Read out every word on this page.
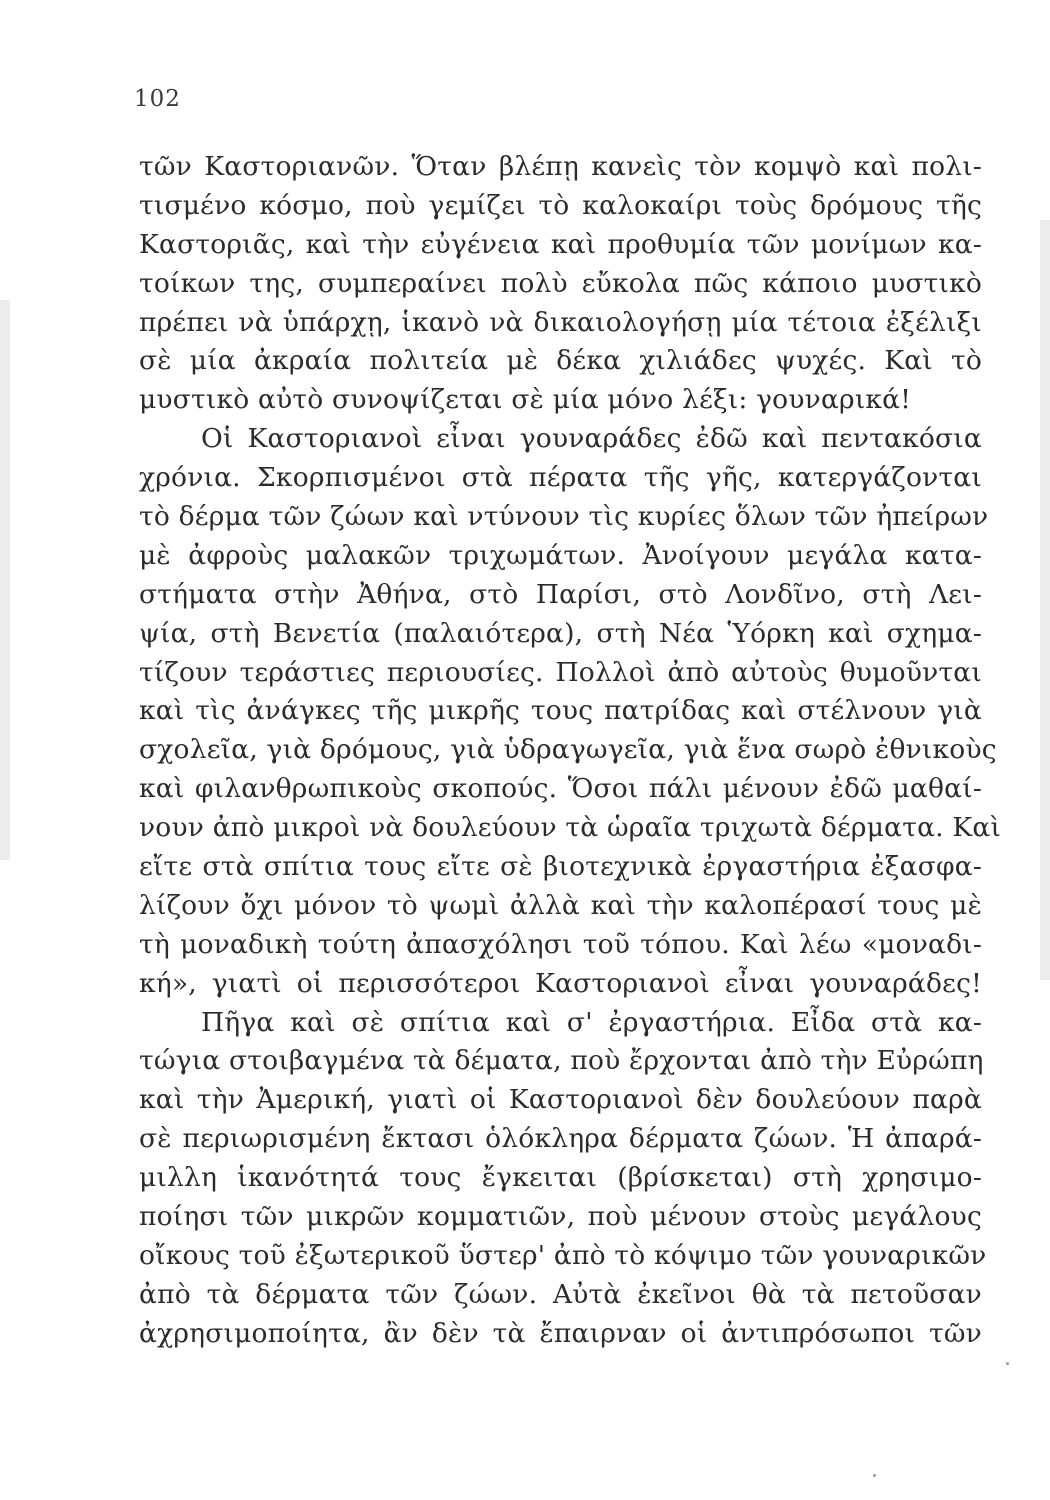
102
τῶν Καστοριανῶν. Ὅταν βλέπῃ κανεὶς τὸν κομψὸ καὶ πολι-
τισμένο κόσμο, ποὺ γεμίζει τὸ καλοκαίρι τοὺς δρόμους τῆς
Καστοριᾶς, καὶ τὴν εὐγένεια καὶ προθυμία τῶν μονίμων κα-
τοίκων της, συμπεραίνει πολὺ εὔκολα πῶς κάποιο μυστικὸ
πρέπει νὰ ὑπάρχῃ, ἱκανὸ νὰ δικαιολογήσῃ μία τέτοια ἐξέλιξι
σὲ μία ἀκραία πολιτεία μὲ δέκα χιλιάδες ψυχές. Καὶ τὸ
μυστικὸ αὐτὸ συνοψίζεται σὲ μία μόνο λέξι: γουναρικά!
Οἱ Καστοριανοὶ εἶναι γουναράδες ἐδῶ καὶ πεντακόσια
χρόνια. Σκορπισμένοι στὰ πέρατα τῆς γῆς, κατεργάζονται
τὸ δέρμα τῶν ζώων καὶ ντύνουν τὶς κυρίες ὅλων τῶν ἠπείρων
μὲ ἀφροὺς μαλακῶν τριχωμάτων. Ἀνοίγουν μεγάλα κατα-
στήματα στὴν Ἀθήνα, στὸ Παρίσι, στὸ Λονδῖνο, στὴ Λει-
ψία, στὴ Βενετία (παλαιότερα), στὴ Νέα Ὑόρκη καὶ σχημα-
τίζουν τεράστιες περιουσίες. Πολλοὶ ἀπὸ αὐτοὺς θυμοῦνται
καὶ τὶς ἀνάγκες τῆς μικρῆς τους πατρίδας καὶ στέλνουν γιὰ
σχολεῖα, γιὰ δρόμους, γιὰ ὑδραγωγεῖα, γιὰ ἕνα σωρὸ ἐθνικοὺς
καὶ φιλανθρωπικοὺς σκοπούς. Ὅσοι πάλι μένουν ἐδῶ μαθαί-
νουν ἀπὸ μικροὶ νὰ δουλεύουν τὰ ὡραῖα τριχωτὰ δέρματα. Καὶ
εἴτε στὰ σπίτια τους εἴτε σὲ βιοτεχνικὰ ἐργαστήρια ἐξασφα-
λίζουν ὄχι μόνον τὸ ψωμὶ ἀλλὰ καὶ τὴν καλοπέρασί τους μὲ
τὴ μοναδικὴ τούτη ἀπασχόλησι τοῦ τόπου. Καὶ λέω «μοναδι-
κή», γιατὶ οἱ περισσότεροι Καστοριανοὶ εἶναι γουναράδες!
Πῆγα καὶ σὲ σπίτια καὶ σ' ἐργαστήρια. Εἶδα στὰ κα-
τώγια στοιβαγμένα τὰ δέματα, ποὺ ἔρχονται ἀπὸ τὴν Εὐρώπη
καὶ τὴν Ἀμερική, γιατὶ οἱ Καστοριανοὶ δὲν δουλεύουν παρὰ
σὲ περιωρισμένη ἔκτασι ὁλόκληρα δέρματα ζώων. Ἡ ἀπαρά-
μιλλη ἱκανότητά τους ἔγκειται (βρίσκεται) στὴ χρησιμο-
ποίησι τῶν μικρῶν κομματιῶν, ποὺ μένουν στοὺς μεγάλους
οἴκους τοῦ ἐξωτερικοῦ ὕστερ' ἀπὸ τὸ κόψιμο τῶν γουναρικῶν
ἀπὸ τὰ δέρματα τῶν ζώων. Αὐτὰ ἐκεῖνοι θὰ τὰ πετοῦσαν
ἀχρησιμοποίητα, ἂν δὲν τὰ ἔπαιρναν οἱ ἀντιπρόσωποι τῶν
